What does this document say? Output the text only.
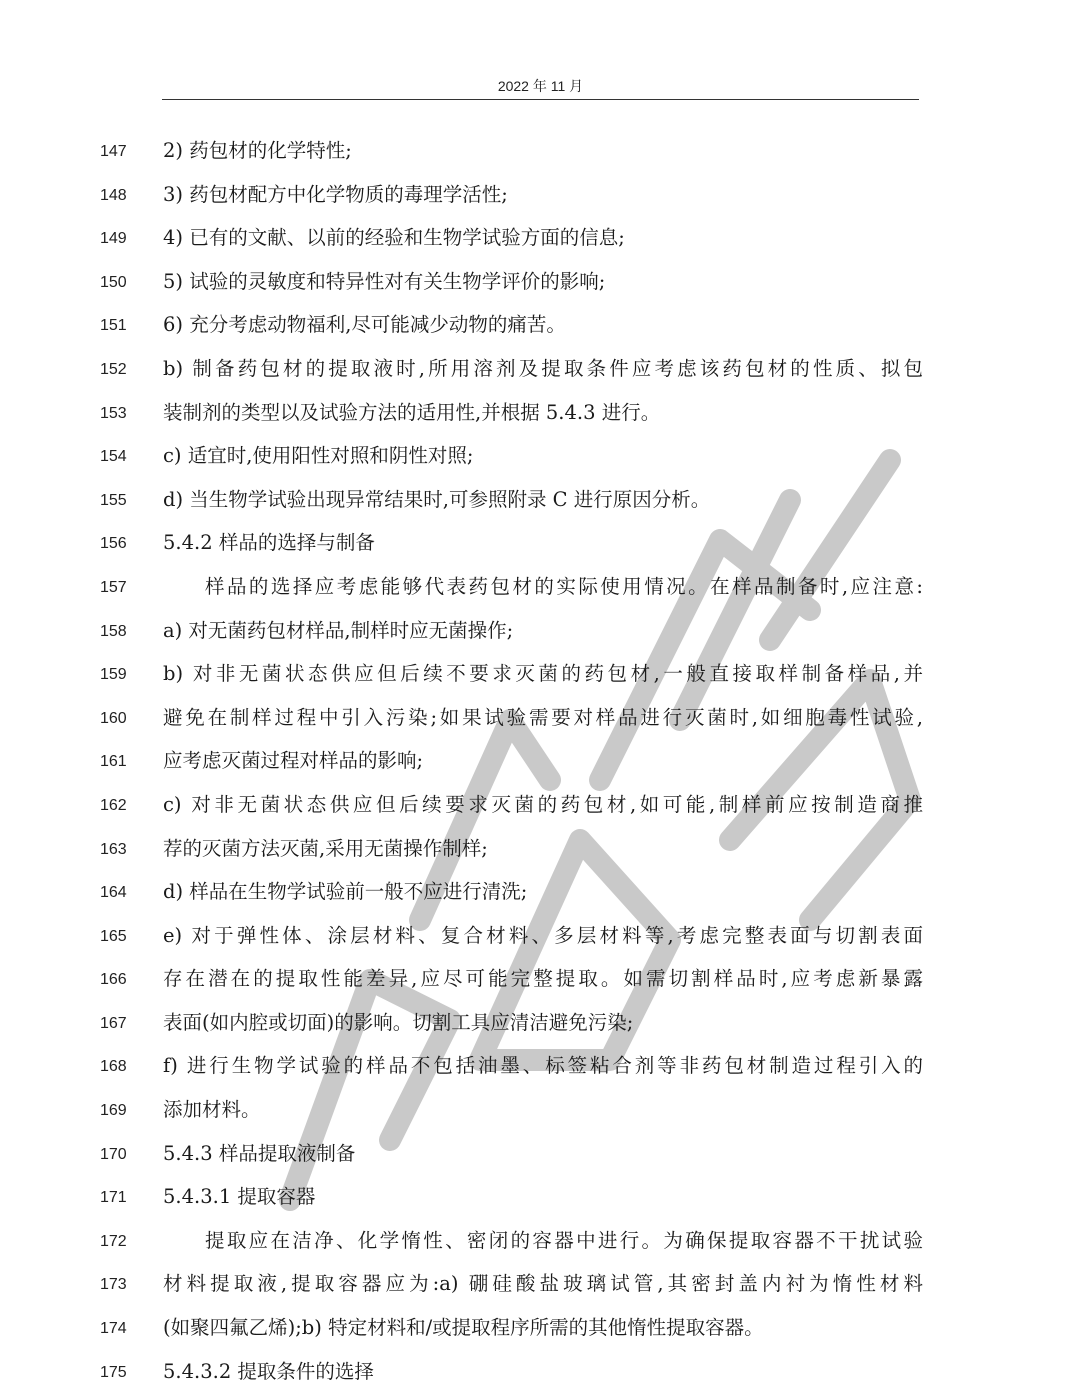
2022 年 11 月
147	2) 药包材的化学特性;
148	3) 药包材配方中化学物质的毒理学活性;
149	4) 已有的文献、以前的经验和生物学试验方面的信息;
150	5) 试验的灵敏度和特异性对有关生物学评价的影响;
151	6) 充分考虑动物福利,尽可能减少动物的痛苦。
152	b) 制备药包材的提取液时,所用溶剂及提取条件应考虑该药包材的性质、拟包
153	装制剂的类型以及试验方法的适用性,并根据 5.4.3 进行。
154	c) 适宜时,使用阳性对照和阴性对照;
155	d) 当生物学试验出现异常结果时,可参照附录 C 进行原因分析。
156	5.4.2 样品的选择与制备
157	样品的选择应考虑能够代表药包材的实际使用情况。在样品制备时,应注意:
158	a) 对无菌药包材样品,制样时应无菌操作;
159	b) 对非无菌状态供应但后续不要求灭菌的药包材,一般直接取样制备样品,并
160	避免在制样过程中引入污染;如果试验需要对样品进行灭菌时,如细胞毒性试验,
161	应考虑灭菌过程对样品的影响;
162	c) 对非无菌状态供应但后续要求灭菌的药包材,如可能,制样前应按制造商推
163	荐的灭菌方法灭菌,采用无菌操作制样;
164	d) 样品在生物学试验前一般不应进行清洗;
165	e) 对于弹性体、涂层材料、复合材料、多层材料等,考虑完整表面与切割表面
166	存在潜在的提取性能差异,应尽可能完整提取。如需切割样品时,应考虑新暴露
167	表面(如内腔或切面)的影响。切割工具应清洁避免污染;
168	f) 进行生物学试验的样品不包括油墨、标签粘合剂等非药包材制造过程引入的
169	添加材料。
170	5.4.3 样品提取液制备
171	5.4.3.1 提取容器
172	提取应在洁净、化学惰性、密闭的容器中进行。为确保提取容器不干扰试验
173	材料提取液,提取容器应为:a) 硼硅酸盐玻璃试管,其密封盖内衬为惰性材料
174	(如聚四氟乙烯);b) 特定材料和/或提取程序所需的其他惰性提取容器。
175	5.4.3.2 提取条件的选择
